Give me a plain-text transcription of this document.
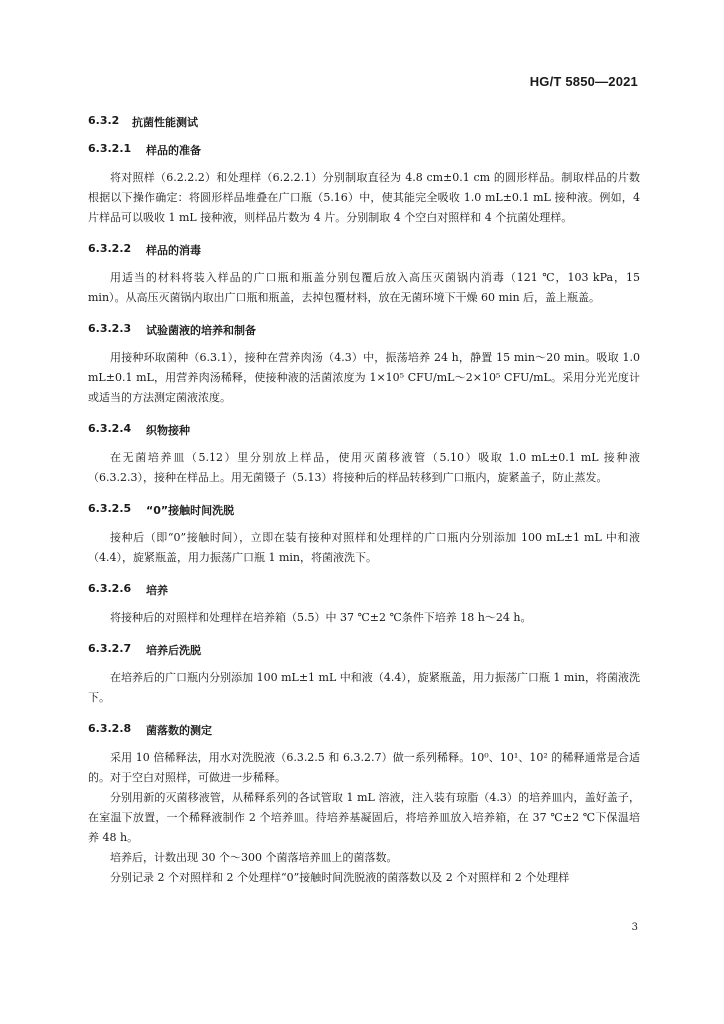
HG/T 5850—2021
6.3.2 抗菌性能测试
6.3.2.1 样品的准备

将对照样（6.2.2.2）和处理样（6.2.2.1）分别制取直径为 4.8 cm±0.1 cm 的圆形样品。制取样品的片数根据以下操作确定：将圆形样品堆叠在广口瓶（5.16）中，使其能完全吸收 1.0 mL±0.1 mL 接种液。例如，4 片样品可以吸收 1 mL 接种液，则样品片数为 4 片。分别制取 4 个空白对照样和 4 个抗菌处理样。

6.3.2.2 样品的消毒

用适当的材料将装入样品的广口瓶和瓶盖分别包覆后放入高压灭菌锅内消毒（121 ℃，103 kPa，15 min）。从高压灭菌锅内取出广口瓶和瓶盖，去掉包覆材料，放在无菌环境下干燥 60 min 后，盖上瓶盖。

6.3.2.3 试验菌液的培养和制备

用接种环取菌种（6.3.1），接种在营养肉汤（4.3）中，振荡培养 24 h，静置 15 min～20 min。吸取 1.0 mL±0.1 mL，用营养肉汤稀释，使接种液的活菌浓度为 1×10⁵ CFU/mL～2×10⁵ CFU/mL。采用分光光度计或适当的方法测定菌液浓度。

6.3.2.4 织物接种

在无菌培养皿（5.12）里分别放上样品，使用灭菌移液管（5.10）吸取 1.0 mL±0.1 mL 接种液（6.3.2.3），接种在样品上。用无菌镊子（5.13）将接种后的样品转移到广口瓶内，旋紧盖子，防止蒸发。

6.3.2.5 “0”接触时间洗脱

接种后（即“0”接触时间），立即在装有接种对照样和处理样的广口瓶内分别添加 100 mL±1 mL 中和液（4.4），旋紧瓶盖，用力振荡广口瓶 1 min，将菌液洗下。

6.3.2.6 培养

将接种后的对照样和处理样在培养箱（5.5）中 37 ℃±2 ℃条件下培养 18 h～24 h。

6.3.2.7 培养后洗脱

在培养后的广口瓶内分别添加 100 mL±1 mL 中和液（4.4），旋紧瓶盖，用力振荡广口瓶 1 min，将菌液洗下。

6.3.2.8 菌落数的测定

采用 10 倍稀释法，用水对洗脱液（6.3.2.5 和 6.3.2.7）做一系列稀释。10⁰、10¹、10² 的稀释通常是合适的。对于空白对照样，可做进一步稀释。

分别用新的灭菌移液管，从稀释系列的各试管取 1 mL 溶液，注入装有琼脂（4.3）的培养皿内，盖好盖子，在室温下放置，一个稀释液制作 2 个培养皿。待培养基凝固后，将培养皿放入培养箱，在 37 ℃±2 ℃下保温培养 48 h。

培养后，计数出现 30 个～300 个菌落培养皿上的菌落数。

分别记录 2 个对照样和 2 个处理样“0”接触时间洗脱液的菌落数以及 2 个对照样和 2 个处理样

3
